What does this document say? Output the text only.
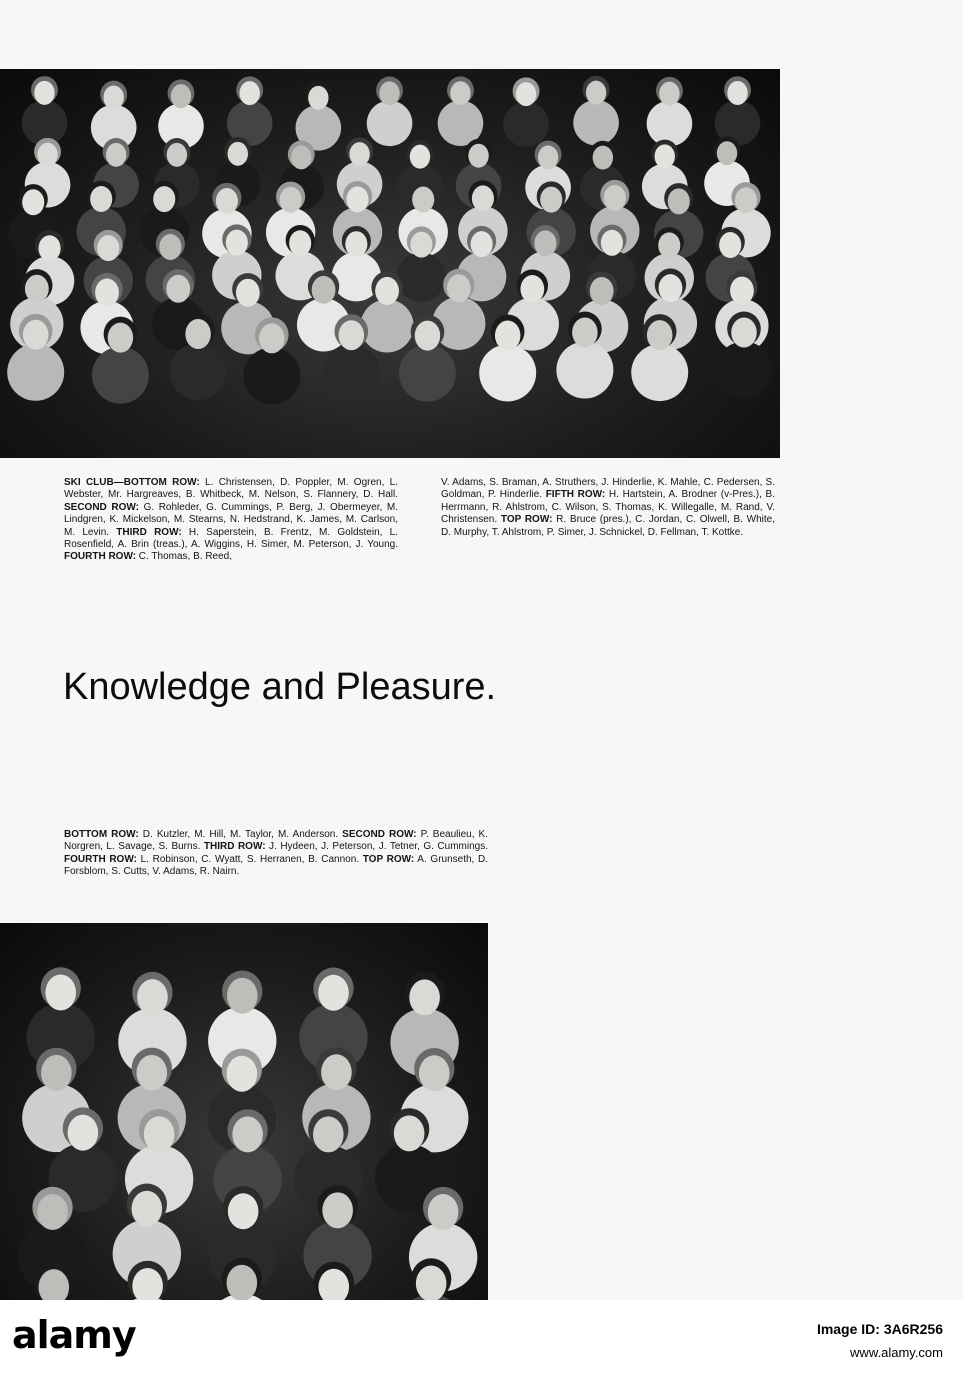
SKI CLUB—BOTTOM ROW: L. Christensen, D. Poppler, M. Ogren, L. Webster, Mr. Hargreaves, B. Whitbeck, M. Nelson, S. Flannery, D. Hall. SECOND ROW: G. Rohleder, G. Cummings, P. Berg, J. Obermeyer, M. Lindgren, K. Mickelson, M. Stearns, N. Hedstrand, K. James, M. Carlson, M. Levin. THIRD ROW: H. Saperstein, B. Frentz, M. Goldstein, L. Rosenfield, A. Brin (treas.), A. Wiggins, H. Simer, M. Peterson, J. Young. FOURTH ROW: C. Thomas, B. Reed,

V. Adams, S. Braman, A. Struthers, J. Hinderlie, K. Mahle, C. Pedersen, S. Goldman, P. Hinderlie. FIFTH ROW: H. Hartstein, A. Brodner (v-Pres.), B. Herrmann, R. Ahlstrom, C. Wilson, S. Thomas, K. Willegalle, M. Rand, V. Christensen. TOP ROW: R. Bruce (pres.), C. Jordan, C. Olwell, B. White, D. Murphy, T. Ahlstrom, P. Simer, J. Schnickel, D. Fellman, T. Kottke.

Knowledge and Pleasure.

BOTTOM ROW: D. Kutzler, M. Hill, M. Taylor, M. Anderson. SECOND ROW: P. Beaulieu, K. Norgren, L. Savage, S. Burns. THIRD ROW: J. Hydeen, J. Peterson, J. Tetner, G. Cummings. FOURTH ROW: L. Robinson, C. Wyatt, S. Herranen, B. Cannon. TOP ROW: A. Grunseth, D. Forsblom, S. Cutts, V. Adams, R. Nairn.

alamy	Image ID: 3A6R256
www.alamy.com
